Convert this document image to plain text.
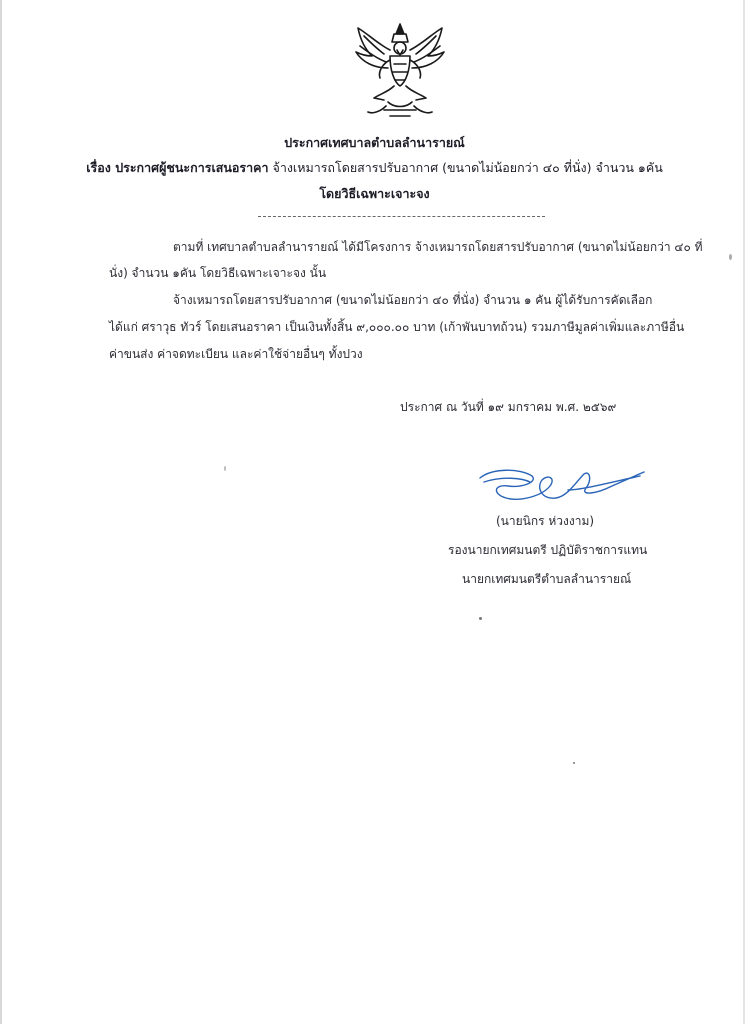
ประกาศเทศบาลตำบลลำนารายณ์
เรื่อง ประกาศผู้ชนะการเสนอราคา จ้างเหมารถโดยสารปรับอากาศ (ขนาดไม่น้อยกว่า ๔๐ ที่นั่ง) จำนวน ๑คัน
โดยวิธีเฉพาะเจาะจง
ตามที่ เทศบาลตำบลลำนารายณ์ ได้มีโครงการ จ้างเหมารถโดยสารปรับอากาศ (ขนาดไม่น้อยกว่า ๔๐ ที่
นั่ง) จำนวน ๑คัน โดยวิธีเฉพาะเจาะจง นั้น
จ้างเหมารถโดยสารปรับอากาศ (ขนาดไม่น้อยกว่า ๔๐ ที่นั่ง) จำนวน ๑ คัน ผู้ได้รับการคัดเลือก
ได้แก่ ศราวุธ ทัวร์ โดยเสนอราคา เป็นเงินทั้งสิ้น ๙,๐๐๐.๐๐ บาท (เก้าพันบาทถ้วน) รวมภาษีมูลค่าเพิ่มและภาษีอื่น
ค่าขนส่ง ค่าจดทะเบียน และค่าใช้จ่ายอื่นๆ ทั้งปวง
ประกาศ ณ วันที่ ๑๙ มกราคม พ.ศ. ๒๕๖๙
(นายนิกร ห่วงงาม)
รองนายกเทศมนตรี ปฏิบัติราชการแทน
นายกเทศมนตรีตำบลลำนารายณ์
